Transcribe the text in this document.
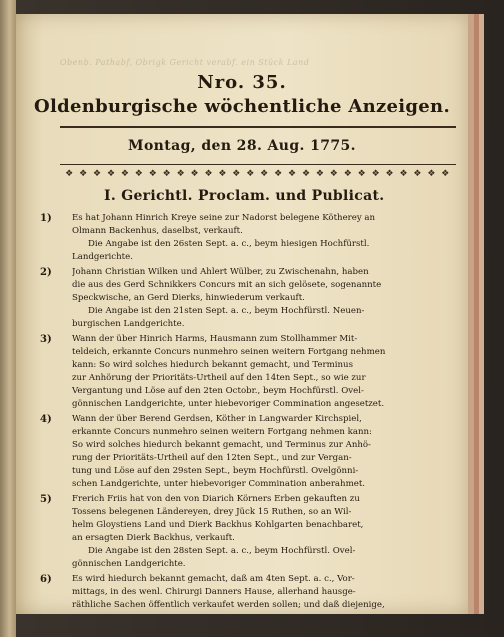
Obenb. Pathabf, Obrigk Gericht verabf. ein Stück Land
Nro. 35.
Oldenburgische wöchentliche Anzeigen.
Montag, den 28. Aug. 1775.
❖ ❖ ❖ ❖ ❖ ❖ ❖ ❖ ❖ ❖ ❖ ❖ ❖ ❖ ❖ ❖ ❖ ❖ ❖ ❖ ❖ ❖ ❖ ❖ ❖ ❖ ❖ ❖
I. Gerichtl. Proclam. und Publicat.
1)	Es hat Johann Hinrich Kreye seine zur Nadorst belegene Kötherey an
Olmann Backenhus, daselbst, verkauft.
Die Angabe ist den 26sten Sept. a. c., beym hiesigen Hochfürstl.
Landgerichte.
2)	Johann Christian Wilken und Ahlert Wülber, zu Zwischenahn, haben
die aus des Gerd Schnikkers Concurs mit an sich gelösete, sogenannte
Speckwische, an Gerd Dierks, hinwiederum verkauft.
Die Angabe ist den 21sten Sept. a. c., beym Hochfürstl. Neuen-
burgischen Landgerichte.
3)	Wann der über Hinrich Harms, Hausmann zum Stollhammer Mit-
teldeich, erkannte Concurs nunmehro seinen weitern Fortgang nehmen
kann: So wird solches hiedurch bekannt gemacht, und Terminus
zur Anhörung der Prioritäts-Urtheil auf den 14ten Sept., so wie zur
Vergantung und Löse auf den 2ten Octobr., beym Hochfürstl. Ovel-
gönnischen Landgerichte, unter hiebevoriger Commination angesetzet.
4)	Wann der über Berend Gerdsen, Köther in Langwarder Kirchspiel,
erkannte Concurs nunmehro seinen weitern Fortgang nehmen kann:
So wird solches hiedurch bekannt gemacht, und Terminus zur Anhö-
rung der Prioritäts-Urtheil auf den 12ten Sept., und zur Vergan-
tung und Löse auf den 29sten Sept., beym Hochfürstl. Ovelgönni-
schen Landgerichte, unter hiebevoriger Commination anberahmet.
5)	Frerich Friis hat von den von Diarich Körners Erben gekauften zu
Tossens belegenen Ländereyen, drey Jück 15 Ruthen, so an Wil-
helm Gloystiens Land und Dierk Backhus Kohlgarten benachbaret,
an ersagten Dierk Backhus, verkauft.
Die Angabe ist den 28sten Sept. a. c., beym Hochfürstl. Ovel-
gönnischen Landgerichte.
6)	Es wird hiedurch bekannt gemacht, daß am 4ten Sept. a. c., Vor-
mittags, in des wenl. Chirurgi Danners Hause, allerhand hausge-
räthliche Sachen öffentlich verkaufet werden sollen; und daß diejenige,
